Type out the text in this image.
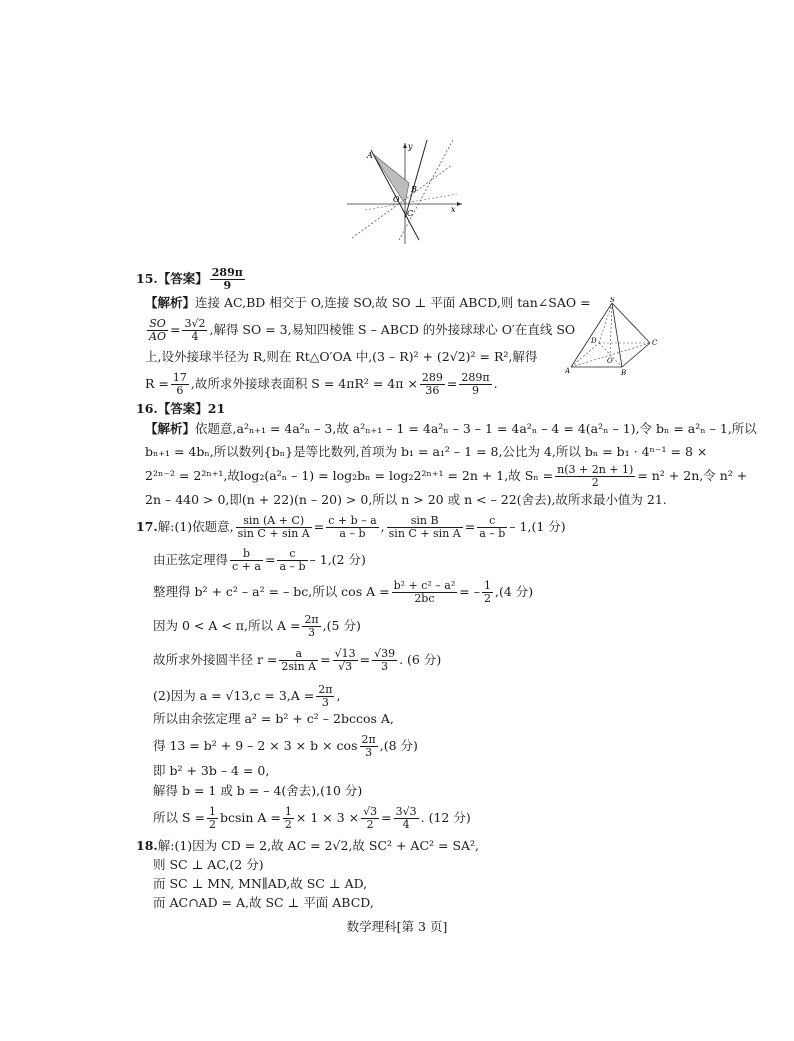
A
B
O
C	x
y
15.【答案】 $\frac{289\pi}{9}$
【解析】连接 AC,BD 相交于 O,连接 SO,故 SO ⊥ 平面 ABCD,则 tan∠SAO =
$\frac{SO}{AO} = \frac{3√2}{4}$ ,解得 SO = 3,易知四棱锥 S – ABCD 的外接球球心 O′在直线 SO
上,设外接球半径为 R,则在 Rt△O′OA 中,(3 – R)² + (2√2)² = R²,解得
$R = \frac{17}{6}$ ,故所求外接球表面积 $S = 4\pi R^2 = 4\pi \times \frac{289}{36} = \frac{289\pi}{9}$ .
S
D	C
O
A	B
16.【答案】21
【解析】依题意,a²ₙ₊₁ = 4a²ₙ – 3,故 a²ₙ₊₁ – 1 = 4a²ₙ – 3 – 1 = 4a²ₙ – 4 = 4(a²ₙ – 1),令 bₙ = a²ₙ – 1,所以
bₙ₊₁ = 4bₙ,所以数列{bₙ}是等比数列,首项为 b₁ = a₁² – 1 = 8,公比为 4,所以 bₙ = b₁ · 4ⁿ⁻¹ = 8 ×
2²ⁿ⁻² = 2²ⁿ⁺¹,故log₂(a²ₙ – 1) = log₂bₙ = log₂2²ⁿ⁺¹ = 2n + 1,故 $S_n = \frac{n(3 + 2n + 1)}{2} = n^2 + 2n$,令 n² +
2n – 440 > 0,即(n + 22)(n – 20) > 0,所以 n > 20 或 n < – 22(舍去),故所求最小值为 21.
17.解:(1)依题意, $\frac{\sin (A + C)}{\text{sin C + sin A}} = \frac{c + b - a}{a - b}$ , $\frac{\text{sin B}}{\text{sin C + sin A}} = \frac{c}{a - b} - 1,(1$ 分)
由正弦定理得 $\frac{b}{c + a} = \frac{c}{a - b} - 1,(2$ 分)
整理得 b² + c² – a² = – bc,所以 $\cos A = \frac{\text{b² + c² – a²}}{2bc}$ = – $\frac{1}{2} ,(4$ 分)
因为 0 < A < π,所以 $A = \frac{2\pi}{3} ,(5$ 分)
故所求外接圆半径 $r = \frac{a}{\text{2sin A}} = \frac{√13}{√3} = \frac{√39}{3}$ . (6 分)
(2)因为 $a = √13,c = 3,A = \frac{2\pi}{3}$ ,
所以由余弦定理 a² = b² + c² – 2bccos A,
得 $13 = b^2 + 9 - 2 \times 3 \times b \times \cos \frac{2\pi}{3} ,(8$ 分)
即 b² + 3b – 4 = 0,
解得 b = 1 或 b = – 4(舍去),(10 分)
所以 $S = \frac{1}{2}$ bcsin $A = \frac{1}{2} \times 1 \times 3 \times \frac{√3}{2} = \frac{3√3}{4}$ . (12 分)
18.解:(1)因为 CD = 2,故 AC = 2√2,故 SC² + AC² = SA²,
则 SC ⊥ AC,(2 分)
而 SC ⊥ MN, MN∥AD,故 SC ⊥ AD,
而 AC∩AD = A,故 SC ⊥ 平面 ABCD,
数学理科[第 3 页]
